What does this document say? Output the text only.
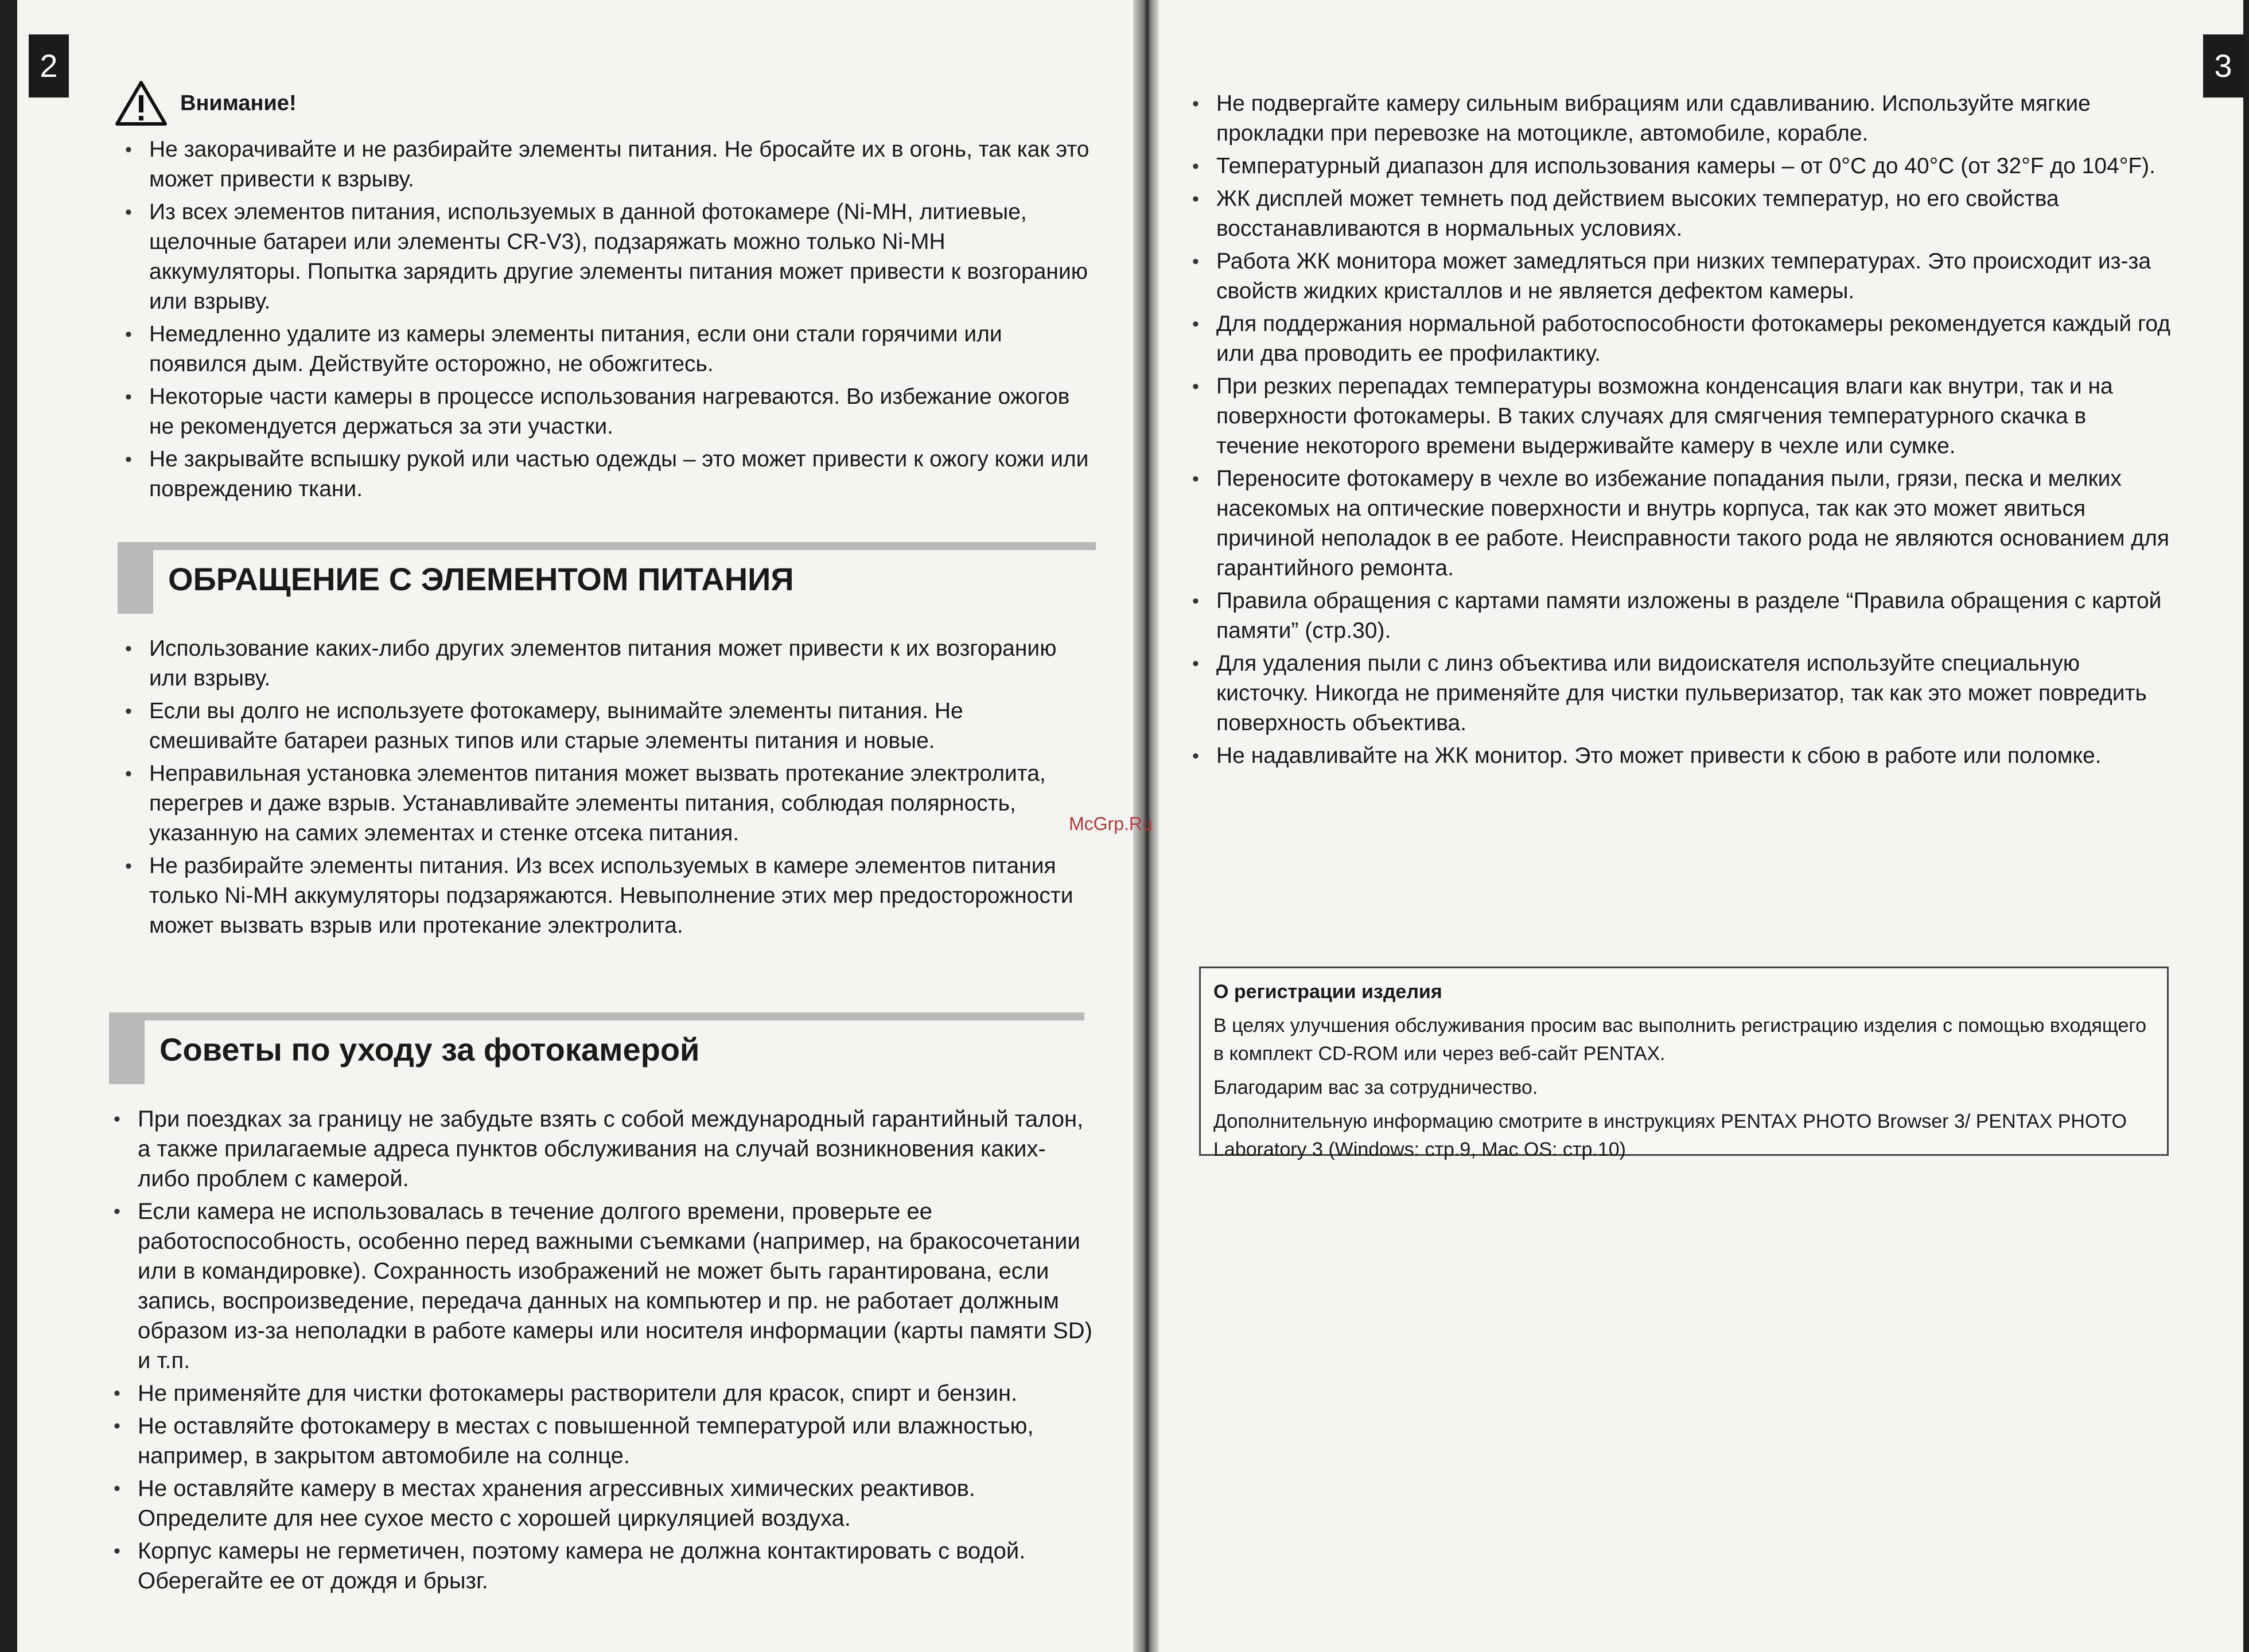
2	3
Внимание!
• Не закорачивайте и не разбирайте элементы питания. Не бросайте их в огонь, так как это может привести к взрыву.
• Из всех элементов питания, используемых в данной фотокамере (Ni-MH, литиевые, щелочные батареи или элементы CR-V3), подзаряжать можно только Ni-MH аккумуляторы. Попытка зарядить другие элементы питания может привести к возгоранию или взрыву.
• Немедленно удалите из камеры элементы питания, если они стали горячими или появился дым. Действуйте осторожно, не обожгитесь.
• Некоторые части камеры в процессе использования нагреваются. Во избежание ожогов не рекомендуется держаться за эти участки.
• Не закрывайте вспышку рукой или частью одежды – это может привести к ожогу кожи или повреждению ткани.
ОБРАЩЕНИЕ С ЭЛЕМЕНТОМ ПИТАНИЯ
• Использование каких-либо других элементов питания может привести к их возгоранию или взрыву.
• Если вы долго не используете фотокамеру, вынимайте элементы питания. Не смешивайте батареи разных типов или старые элементы питания и новые.
• Неправильная установка элементов питания может вызвать протекание электролита, перегрев и даже взрыв. Устанавливайте элементы питания, соблюдая полярность, указанную на самих элементах и стенке отсека питания.
• Не разбирайте элементы питания. Из всех используемых в камере элементов питания только Ni-MH аккумуляторы подзаряжаются. Невыполнение этих мер предосторожности может вызвать взрыв или протекание электролита.
Советы по уходу за фотокамерой
• При поездках за границу не забудьте взять с собой международный гарантийный талон, а также прилагаемые адреса пунктов обслуживания на случай возникновения каких-либо проблем с камерой.
• Если камера не использовалась в течение долгого времени, проверьте ее работоспособность, особенно перед важными съемками (например, на бракосочетании или в командировке). Сохранность изображений не может быть гарантирована, если запись, воспроизведение, передача данных на компьютер и пр. не работает должным образом из-за неполадки в работе камеры или носителя информации (карты памяти SD) и т.п.
• Не применяйте для чистки фотокамеры растворители для красок, спирт и бензин.
• Не оставляйте фотокамеру в местах с повышенной температурой или влажностью, например, в закрытом автомобиле на солнце.
• Не оставляйте камеру в местах хранения агрессивных химических реактивов. Определите для нее сухое место с хорошей циркуляцией воздуха.
• Корпус камеры не герметичен, поэтому камера не должна контактировать с водой. Оберегайте ее от дождя и брызг.
McGrp.Ru
• Не подвергайте камеру сильным вибрациям или сдавливанию. Используйте мягкие прокладки при перевозке на мотоцикле, автомобиле, корабле.
• Температурный диапазон для использования камеры – от 0°C до 40°C (от 32°F до 104°F).
• ЖК дисплей может темнеть под действием высоких температур, но его свойства восстанавливаются в нормальных условиях.
• Работа ЖК монитора может замедляться при низких температурах. Это происходит из-за свойств жидких кристаллов и не является дефектом камеры.
• Для поддержания нормальной работоспособности фотокамеры рекомендуется каждый год или два проводить ее профилактику.
• При резких перепадах температуры возможна конденсация влаги как внутри, так и на поверхности фотокамеры. В таких случаях для смягчения температурного скачка в течение некоторого времени выдерживайте камеру в чехле или сумке.
• Переносите фотокамеру в чехле во избежание попадания пыли, грязи, песка и мелких насекомых на оптические поверхности и внутрь корпуса, так как это может явиться причиной неполадок в ее работе. Неисправности такого рода не являются основанием для гарантийного ремонта.
• Правила обращения с картами памяти изложены в разделе “Правила обращения с картой памяти” (стр.30).
• Для удаления пыли с линз объектива или видоискателя используйте специальную кисточку. Никогда не применяйте для чистки пульверизатор, так как это может повредить поверхность объектива.
• Не надавливайте на ЖК монитор. Это может привести к сбою в работе или поломке.
О регистрации изделия

В целях улучшения обслуживания просим вас выполнить регистрацию изделия с помощью входящего в комплект CD-ROM или через веб-сайт PENTAX.

Благодарим вас за сотрудничество.

Дополнительную информацию смотрите в инструкциях PENTAX PHOTO Browser 3/ PENTAX PHOTO Laboratory 3 (Windows: стр.9, Mac OS: стр.10)
